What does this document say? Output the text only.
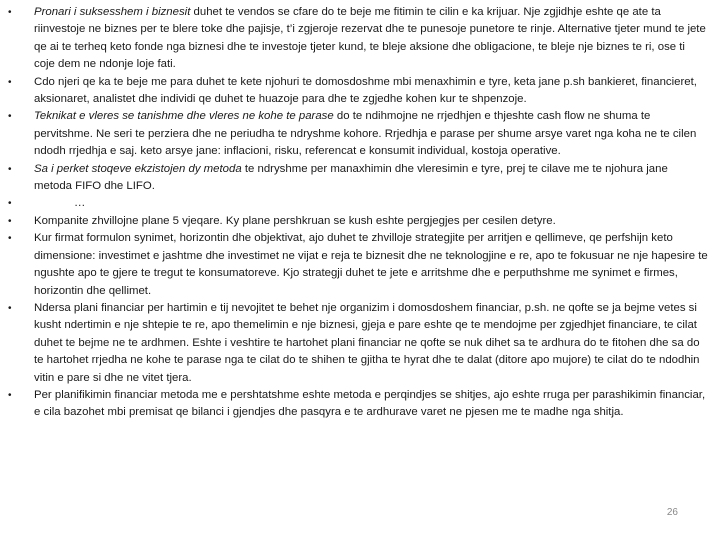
• Pronari i suksesshem i biznesit duhet te vendos se cfare do te beje me fitimin te cilin e ka krijuar. Nje zgjidhje eshte qe ate ta riinvestoje ne biznes per te blere toke dhe pajisje, t’i zgjeroje rezervat dhe te punesoje punetore te rinje. Alternative tjeter mund te jete qe ai te terheq keto fonde nga biznesi dhe te investoje tjeter kund, te bleje aksione dhe obligacione, te bleje nje biznes te ri, ose ti coje dem ne ndonje loje fati.
• Cdo njeri qe ka te beje me para duhet te kete njohuri te domosdoshme mbi menaxhimin e tyre, keta jane p.sh bankieret, financieret, aksionaret, analistet dhe individi qe duhet te huazoje para dhe te zgjedhe kohen kur te shpenzoje.
• Teknikat e vleres se tanishme dhe vleres ne kohe te parase do te ndihmojne ne rrjedhjen e thjeshte cash flow ne shuma te pervitshme. Ne seri te perziera dhe ne periudha te ndryshme kohore. Rrjedhja e parase per shume arsye varet nga koha ne te cilen ndodh rrjedhja e saj. keto arsye jane: inflacioni, risku, referencat e konsumit individual, kostoja operative.
• Sa i perket stoqeve ekzistojen dy metoda te ndryshme per manaxhimin dhe vleresimin e tyre, prej te cilave me te njohura jane metoda FIFO dhe LIFO.
•	…
• Kompanite zhvillojne plane 5 vjeqare. Ky plane pershkruan se kush eshte pergjegjes per cesilen detyre.
• Kur firmat formulon synimet, horizontin dhe objektivat, ajo duhet te zhvilloje strategjite per arritjen e qellimeve, qe perfshijn keto dimensione: investimet e jashtme dhe investimet ne vijat e reja te biznesit dhe ne teknologjine e re, apo te fokusuar ne nje hapesire te ngushte apo te gjere te tregut te konsumatoreve. Kjo strategji duhet te jete e arritshme dhe e perputhshme me synimet e firmes, horizontin dhe qellimet.
• Ndersa plani financiar per hartimin e tij nevojitet te behet nje organizim i domosdoshem financiar, p.sh. ne qofte se ja bejme vetes si kusht ndertimin e nje shtepie te re, apo themelimin e nje biznesi, gjeja e pare eshte qe te mendojme per zgjedhjet financiare, te cilat duhet te bejme ne te ardhmen. Eshte i veshtire te hartohet plani financiar ne qofte se nuk dihet sa te ardhura do te fitohen dhe sa do te hartohet rrjedha ne kohe te parase nga te cilat do te shihen te gjitha te hyrat dhe te dalat (ditore apo mujore) te cilat do te ndodhin vitin e pare si dhe ne vitet tjera.
• Per planifikimin financiar metoda me e pershtatshme eshte metoda e perqindjes se shitjes, ajo eshte rruga per parashikimin financiar, e cila bazohet mbi premisat qe bilanci i gjendjes dhe pasqyra e te ardhurave varet ne pjesen me te madhe nga shitja.
26
